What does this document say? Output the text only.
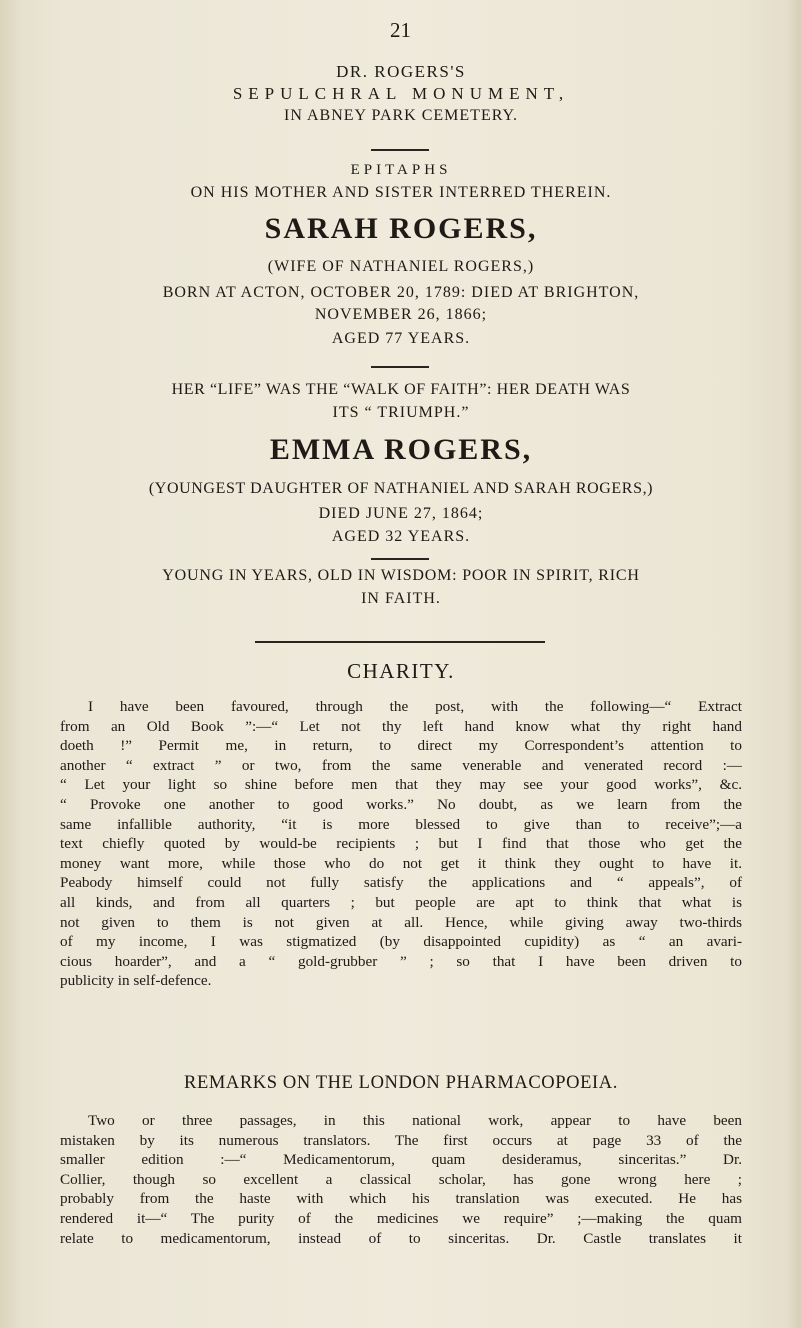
21
DR. ROGERS'S
SEPULCHRAL MONUMENT,
IN ABNEY PARK CEMETERY.
EPITAPHS
ON HIS MOTHER AND SISTER INTERRED THEREIN.
SARAH ROGERS,
(WIFE OF NATHANIEL ROGERS,)
BORN AT ACTON, OCTOBER 20, 1789: DIED AT BRIGHTON,
NOVEMBER 26, 1866;
AGED 77 YEARS.
HER “LIFE” WAS THE “WALK OF FAITH”: HER DEATH WAS
ITS “ TRIUMPH.”
EMMA ROGERS,
(YOUNGEST DAUGHTER OF NATHANIEL AND SARAH ROGERS,)
DIED JUNE 27, 1864;
AGED 32 YEARS.
YOUNG IN YEARS, OLD IN WISDOM: POOR IN SPIRIT, RICH
IN FAITH.
CHARITY.
I have been favoured, through the post, with the following—“ Extract
from an Old Book ”:—“ Let not thy left hand know what thy right hand
doeth !” Permit me, in return, to direct my Correspondent’s attention to
another “ extract ” or two, from the same venerable and venerated record :—
“ Let your light so shine before men that they may see your good works”, &c.
“ Provoke one another to good works.” No doubt, as we learn from the
same infallible authority, “it is more blessed to give than to receive”;—a
text chiefly quoted by would-be recipients ; but I find that those who get the
money want more, while those who do not get it think they ought to have it.
Peabody himself could not fully satisfy the applications and “ appeals”, of
all kinds, and from all quarters ; but people are apt to think that what is
not given to them is not given at all. Hence, while giving away two-thirds
of my income, I was stigmatized (by disappointed cupidity) as “ an avari-
cious hoarder”, and a “ gold-grubber ” ; so that I have been driven to
publicity in self-defence.
REMARKS ON THE LONDON PHARMACOPOEIA.
Two or three passages, in this national work, appear to have been
mistaken by its numerous translators. The first occurs at page 33 of the
smaller edition :—“ Medicamentorum, quam desideramus, sinceritas.” Dr.
Collier, though so excellent a classical scholar, has gone wrong here ;
probably from the haste with which his translation was executed. He has
rendered it—“ The purity of the medicines we require” ;—making the quam
relate to medicamentorum, instead of to sinceritas. Dr. Castle translates it
